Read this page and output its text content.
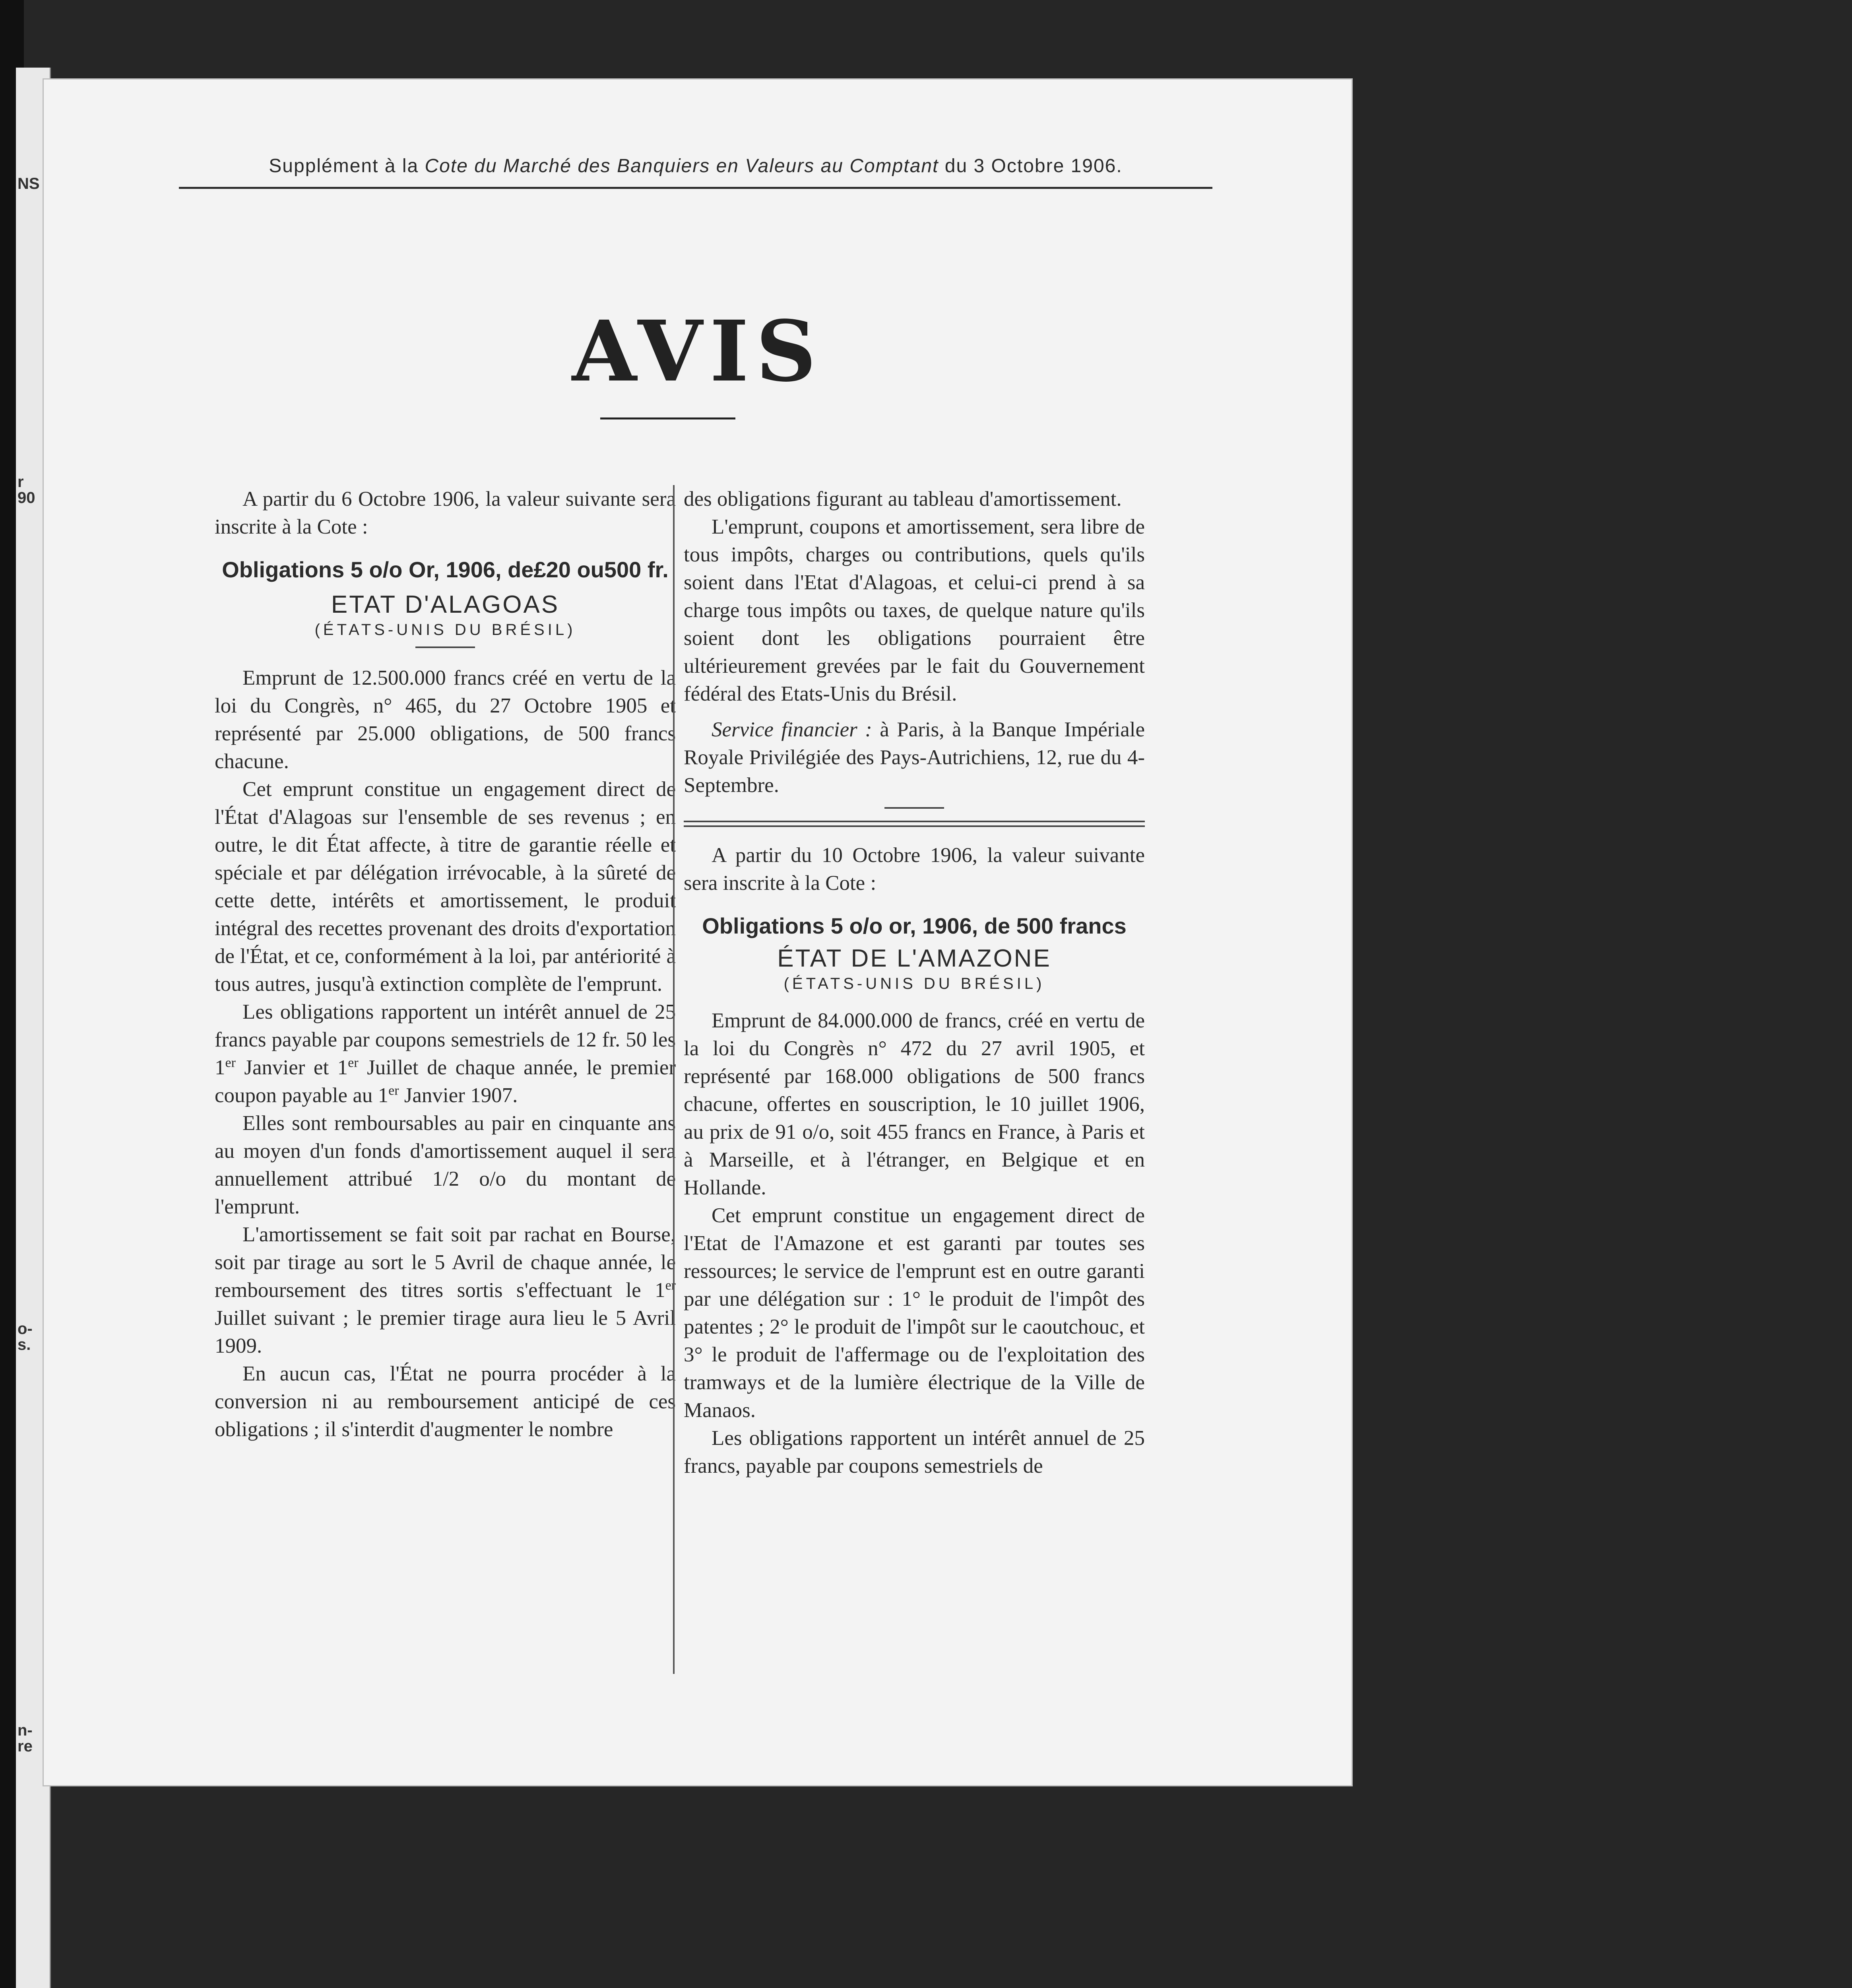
NS
r
90
o-
s.
n-
re
Supplément à la Cote du Marché des Banquiers en Valeurs au Comptant du 3 Octobre 1906.
AVIS

A partir du 6 Octobre 1906, la valeur suivante sera inscrite à la Cote :

Obligations 5 o/o Or, 1906, de£20 ou500 fr.

ETAT D'ALAGOAS

(ÉTATS-UNIS DU BRÉSIL)

Emprunt de 12.500.000 francs créé en vertu de la loi du Congrès, n° 465, du 27 Octobre 1905 et représenté par 25.000 obligations, de 500 francs chacune.

Cet emprunt constitue un engagement direct de l'État d'Alagoas sur l'ensemble de ses revenus ; en outre, le dit État affecte, à titre de garantie réelle et spéciale et par délégation irrévocable, à la sûreté de cette dette, intérêts et amortissement, le produit intégral des recettes provenant des droits d'exportation de l'État, et ce, conformément à la loi, par antériorité à tous autres, jusqu'à extinction complète de l'emprunt.

Les obligations rapportent un intérêt annuel de 25 francs payable par coupons semestriels de 12 fr. 50 les 1er Janvier et 1er Juillet de chaque année, le premier coupon payable au 1er Janvier 1907.

Elles sont remboursables au pair en cinquante ans au moyen d'un fonds d'amortissement auquel il sera annuellement attribué 1/2 o/o du montant de l'emprunt.

L'amortissement se fait soit par rachat en Bourse, soit par tirage au sort le 5 Avril de chaque année, le remboursement des titres sortis s'effectuant le 1er Juillet suivant ; le premier tirage aura lieu le 5 Avril 1909.

En aucun cas, l'État ne pourra procéder à la conversion ni au remboursement anticipé de ces obligations ; il s'interdit d'augmenter le nombre

des obligations figurant au tableau d'amortissement.

L'emprunt, coupons et amortissement, sera libre de tous impôts, charges ou contributions, quels qu'ils soient dans l'Etat d'Alagoas, et celui-ci prend à sa charge tous impôts ou taxes, de quelque nature qu'ils soient dont les obligations pourraient être ultérieurement grevées par le fait du Gouvernement fédéral des Etats-Unis du Brésil.

Service financier : à Paris, à la Banque Impériale Royale Privilégiée des Pays-Autrichiens, 12, rue du 4-Septembre.

A partir du 10 Octobre 1906, la valeur suivante sera inscrite à la Cote :

Obligations 5 o/o or, 1906, de 500 francs

ÉTAT DE L'AMAZONE

(ÉTATS-UNIS DU BRÉSIL)

Emprunt de 84.000.000 de francs, créé en vertu de la loi du Congrès n° 472 du 27 avril 1905, et représenté par 168.000 obligations de 500 francs chacune, offertes en souscription, le 10 juillet 1906, au prix de 91 o/o, soit 455 francs en France, à Paris et à Marseille, et à l'étranger, en Belgique et en Hollande.

Cet emprunt constitue un engagement direct de l'Etat de l'Amazone et est garanti par toutes ses ressources; le service de l'emprunt est en outre garanti par une délégation sur : 1° le produit de l'impôt des patentes ; 2° le produit de l'impôt sur le caoutchouc, et 3° le produit de l'affermage ou de l'exploitation des tramways et de la lumière électrique de la Ville de Manaos.

Les obligations rapportent un intérêt annuel de 25 francs, payable par coupons semestriels de
